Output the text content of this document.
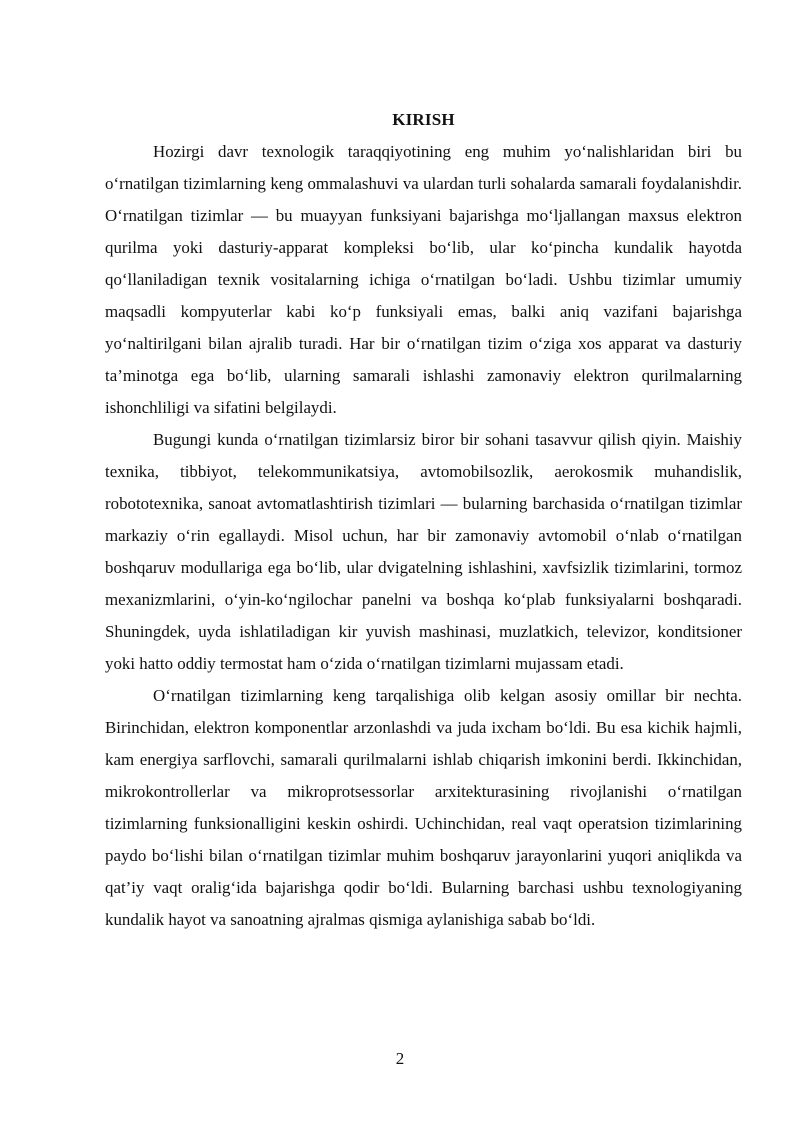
KIRISH

Hozirgi davr texnologik taraqqiyotining eng muhim yo‘nalishlaridan biri bu o‘rnatilgan tizimlarning keng ommalashuvi va ulardan turli sohalarda samarali foydalanishdir. O‘rnatilgan tizimlar — bu muayyan funksiyani bajarishga mo‘ljallangan maxsus elektron qurilma yoki dasturiy-apparat kompleksi bo‘lib, ular ko‘pincha kundalik hayotda qo‘llaniladigan texnik vositalarning ichiga o‘rnatilgan bo‘ladi. Ushbu tizimlar umumiy maqsadli kompyuterlar kabi ko‘p funksiyali emas, balki aniq vazifani bajarishga yo‘naltirilgani bilan ajralib turadi. Har bir o‘rnatilgan tizim o‘ziga xos apparat va dasturiy ta’minotga ega bo‘lib, ularning samarali ishlashi zamonaviy elektron qurilmalarning ishonchliligi va sifatini belgilaydi.

Bugungi kunda o‘rnatilgan tizimlarsiz biror bir sohani tasavvur qilish qiyin. Maishiy texnika, tibbiyot, telekommunikatsiya, avtomobilsozlik, aerokosmik muhandislik, robototexnika, sanoat avtomatlashtirish tizimlari — bularning barchasida o‘rnatilgan tizimlar markaziy o‘rin egallaydi. Misol uchun, har bir zamonaviy avtomobil o‘nlab o‘rnatilgan boshqaruv modullariga ega bo‘lib, ular dvigatelning ishlashini, xavfsizlik tizimlarini, tormoz mexanizmlarini, o‘yin-ko‘ngilochar panelni va boshqa ko‘plab funksiyalarni boshqaradi. Shuningdek, uyda ishlatiladigan kir yuvish mashinasi, muzlatkich, televizor, konditsioner yoki hatto oddiy termostat ham o‘zida o‘rnatilgan tizimlarni mujassam etadi.

O‘rnatilgan tizimlarning keng tarqalishiga olib kelgan asosiy omillar bir nechta. Birinchidan, elektron komponentlar arzonlashdi va juda ixcham bo‘ldi. Bu esa kichik hajmli, kam energiya sarflovchi, samarali qurilmalarni ishlab chiqarish imkonini berdi. Ikkinchidan, mikrokontrollerlar va mikroprotsessorlar arxitekturasining rivojlanishi o‘rnatilgan tizimlarning funksionalligini keskin oshirdi. Uchinchidan, real vaqt operatsion tizimlarining paydo bo‘lishi bilan o‘rnatilgan tizimlar muhim boshqaruv jarayonlarini yuqori aniqlikda va qat’iy vaqt oralig‘ida bajarishga qodir bo‘ldi. Bularning barchasi ushbu texnologiyaning kundalik hayot va sanoatning ajralmas qismiga aylanishiga sabab bo‘ldi.

2
